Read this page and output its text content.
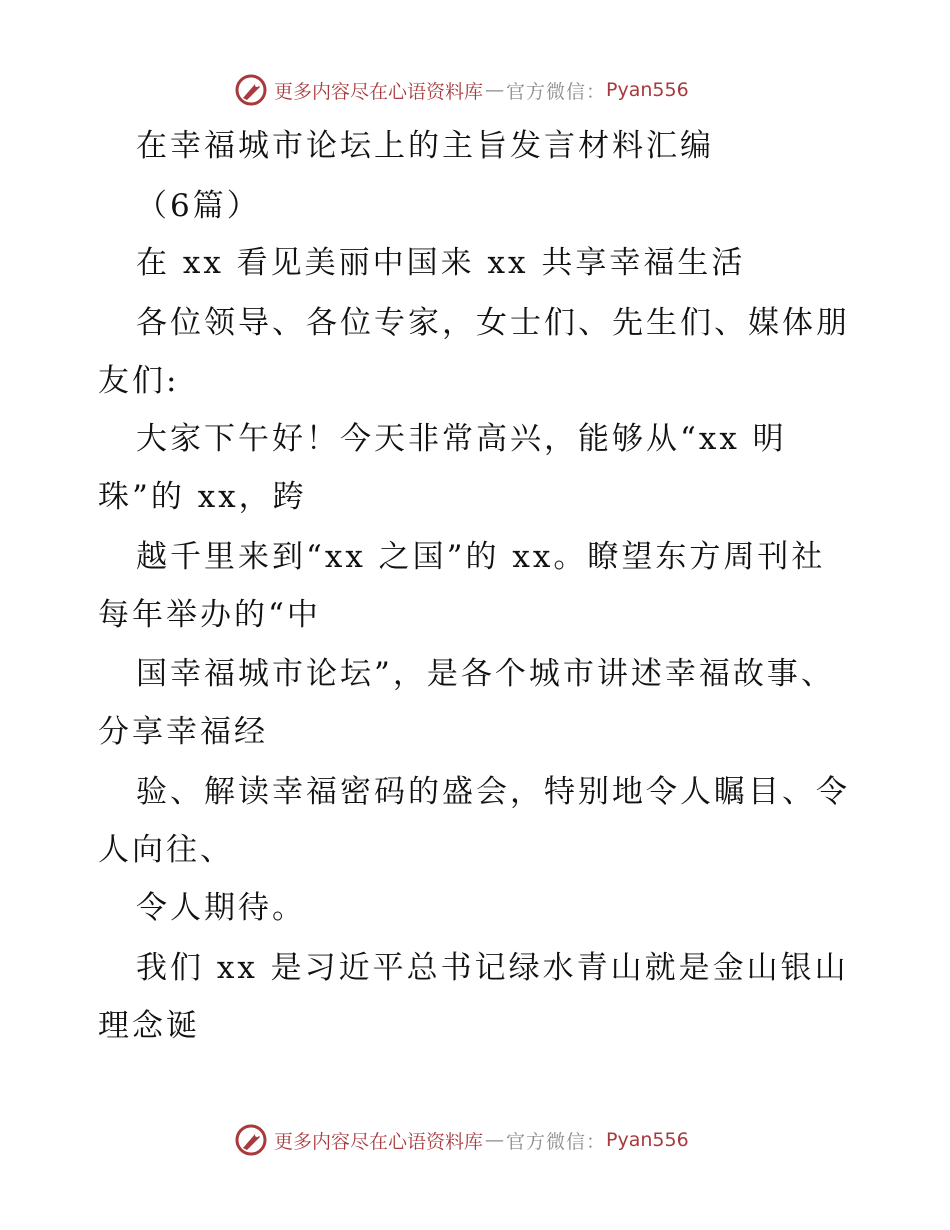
更多内容尽在心语资料库 — 官方微信： Pyan556
在幸福城市论坛上的主旨发言材料汇编
（6篇）
在 xx 看见美丽中国来 xx 共享幸福生活
各位领导、各位专家，女士们、先生们、媒体朋
友们:
大家下午好！今天非常高兴，能够从“xx 明
珠”的 xx，跨
越千里来到“xx 之国”的 xx。瞭望东方周刊社
每年举办的“中
国幸福城市论坛”，是各个城市讲述幸福故事、
分享幸福经
验、解读幸福密码的盛会，特别地令人瞩目、令
人向往、
令人期待。
我们 xx 是习近平总书记绿水青山就是金山银山
理念诞
更多内容尽在心语资料库 — 官方微信： Pyan556
